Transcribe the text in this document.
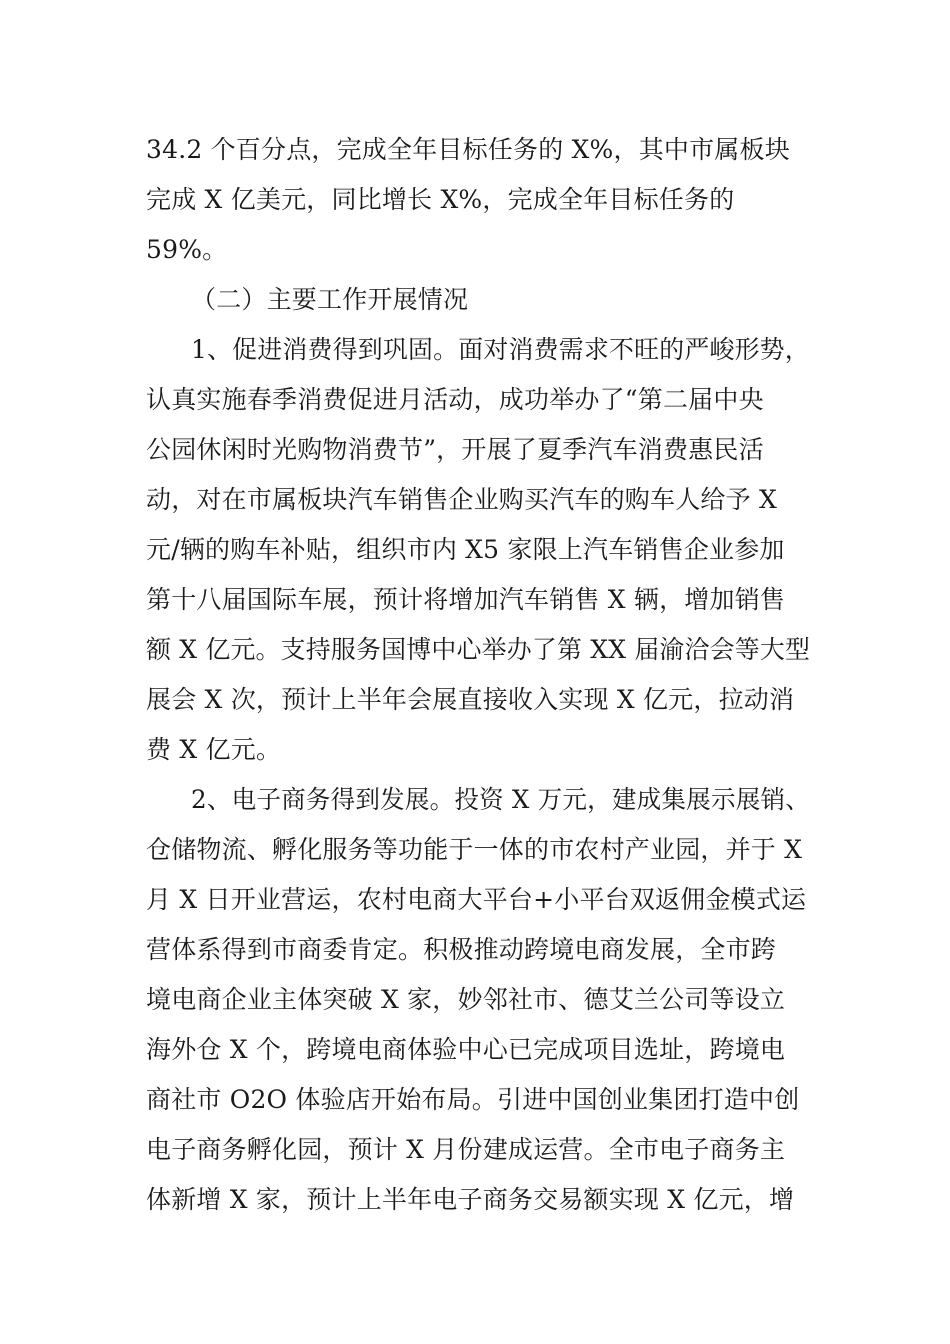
34.2 个百分点，完成全年目标任务的 X%，其中市属板块
完成 X 亿美元，同比增长 X%，完成全年目标任务的
59%。
（二）主要工作开展情况
1、促进消费得到巩固。面对消费需求不旺的严峻形势，
认真实施春季消费促进月活动，成功举办了“第二届中央
公园休闲时光购物消费节”，开展了夏季汽车消费惠民活
动，对在市属板块汽车销售企业购买汽车的购车人给予 X
元/辆的购车补贴，组织市内 X5 家限上汽车销售企业参加
第十八届国际车展，预计将增加汽车销售 X 辆，增加销售
额 X 亿元。支持服务国博中心举办了第 XX 届渝洽会等大型
展会 X 次，预计上半年会展直接收入实现 X 亿元，拉动消
费 X 亿元。
2、电子商务得到发展。投资 X 万元，建成集展示展销、
仓储物流、孵化服务等功能于一体的市农村产业园，并于 X
月 X 日开业营运，农村电商大平台+小平台双返佣金模式运
营体系得到市商委肯定。积极推动跨境电商发展，全市跨
境电商企业主体突破 X 家，妙邻社市、德艾兰公司等设立
海外仓 X 个，跨境电商体验中心已完成项目选址，跨境电
商社市 O2O 体验店开始布局。引进中国创业集团打造中创
电子商务孵化园，预计 X 月份建成运营。全市电子商务主
体新增 X 家，预计上半年电子商务交易额实现 X 亿元，增
